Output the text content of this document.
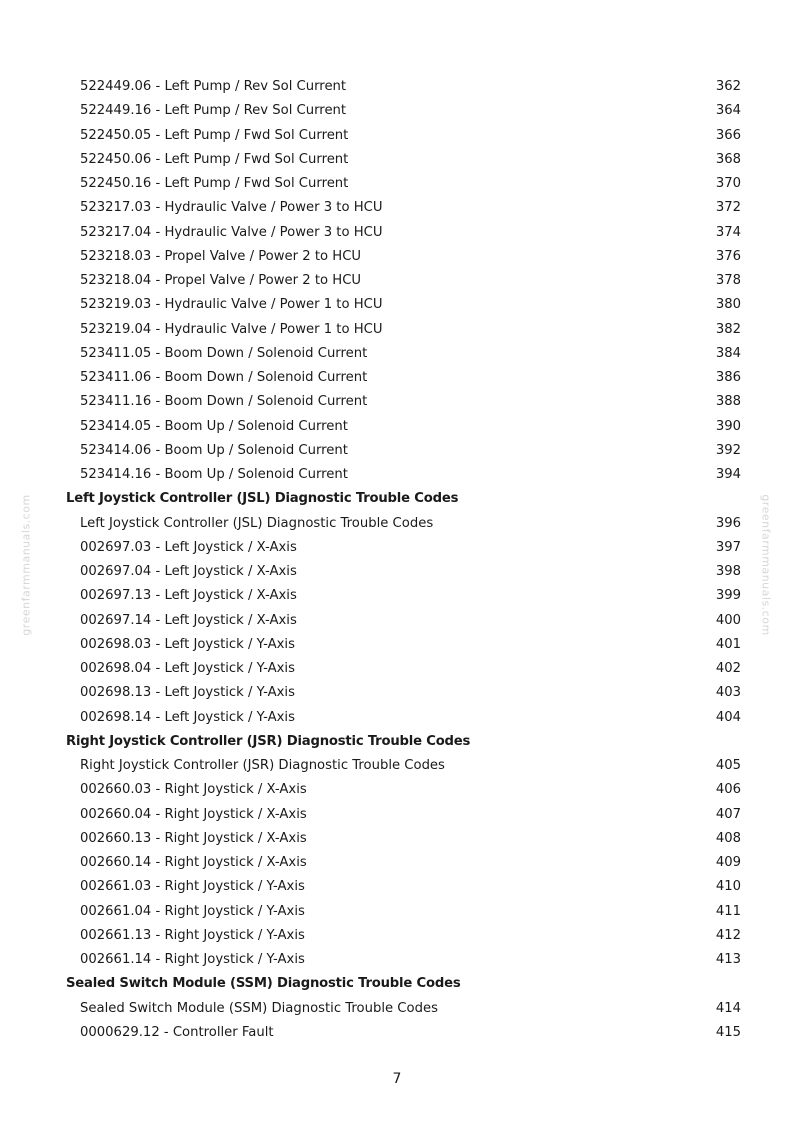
greenfarmmanuals.com	greenfarmmanuals.com
522449.06 - Left Pump / Rev Sol Current	362
522449.16 - Left Pump / Rev Sol Current	364
522450.05 - Left Pump / Fwd Sol Current	366
522450.06 - Left Pump / Fwd Sol Current	368
522450.16 - Left Pump / Fwd Sol Current	370
523217.03 - Hydraulic Valve / Power 3 to HCU	372
523217.04 - Hydraulic Valve / Power 3 to HCU	374
523218.03 - Propel Valve / Power 2 to HCU	376
523218.04 - Propel Valve / Power 2 to HCU	378
523219.03 - Hydraulic Valve / Power 1 to HCU	380
523219.04 - Hydraulic Valve / Power 1 to HCU	382
523411.05 - Boom Down / Solenoid Current	384
523411.06 - Boom Down / Solenoid Current	386
523411.16 - Boom Down / Solenoid Current	388
523414.05 - Boom Up / Solenoid Current	390
523414.06 - Boom Up / Solenoid Current	392
523414.16 - Boom Up / Solenoid Current	394
Left Joystick Controller (JSL) Diagnostic Trouble Codes
Left Joystick Controller (JSL) Diagnostic Trouble Codes	396
002697.03 - Left Joystick / X-Axis	397
002697.04 - Left Joystick / X-Axis	398
002697.13 - Left Joystick / X-Axis	399
002697.14 - Left Joystick / X-Axis	400
002698.03 - Left Joystick / Y-Axis	401
002698.04 - Left Joystick / Y-Axis	402
002698.13 - Left Joystick / Y-Axis	403
002698.14 - Left Joystick / Y-Axis	404
Right Joystick Controller (JSR) Diagnostic Trouble Codes
Right Joystick Controller (JSR) Diagnostic Trouble Codes	405
002660.03 - Right Joystick / X-Axis	406
002660.04 - Right Joystick / X-Axis	407
002660.13 - Right Joystick / X-Axis	408
002660.14 - Right Joystick / X-Axis	409
002661.03 - Right Joystick / Y-Axis	410
002661.04 - Right Joystick / Y-Axis	411
002661.13 - Right Joystick / Y-Axis	412
002661.14 - Right Joystick / Y-Axis	413
Sealed Switch Module (SSM) Diagnostic Trouble Codes
Sealed Switch Module (SSM) Diagnostic Trouble Codes	414
0000629.12 - Controller Fault	415
7
